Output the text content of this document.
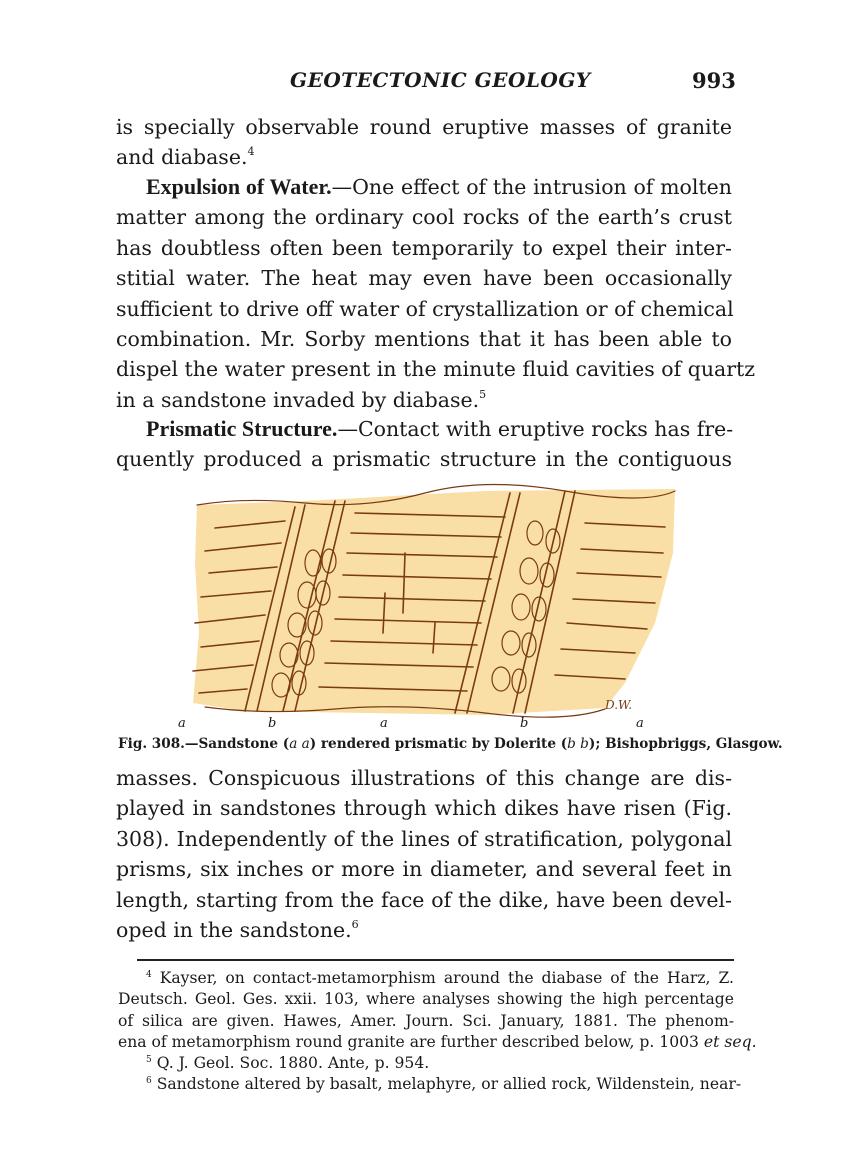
GEOTECTONIC GEOLOGY	993
is specially observable round eruptive masses of granite
and diabase.$^4$
Expulsion of Water.—One effect of the intrusion of molten
matter among the ordinary cool rocks of the earth’s crust
has doubtless often been temporarily to expel their inter-
stitial water. The heat may even have been occasionally
sufficient to drive off water of crystallization or of chemical
combination. Mr. Sorby mentions that it has been able to
dispel the water present in the minute fluid cavities of quartz
in a sandstone invaded by diabase.$^5$
Prismatic Structure.—Contact with eruptive rocks has fre-
quently produced a prismatic structure in the contiguous
D.W.
a	b	a	b	a
Fig. 308.—Sandstone (a a) rendered prismatic by Dolerite (b b); Bishopbriggs, Glasgow.
masses. Conspicuous illustrations of this change are dis-
played in sandstones through which dikes have risen (Fig.
308). Independently of the lines of stratification, polygonal
prisms, six inches or more in diameter, and several feet in
length, starting from the face of the dike, have been devel-
oped in the sandstone.$^6$
$^4$ Kayser, on contact-metamorphism around the diabase of the Harz, Z.
Deutsch. Geol. Ges. xxii. 103, where analyses showing the high percentage
of silica are given. Hawes, Amer. Journ. Sci. January, 1881. The phenom-
ena of metamorphism round granite are further described below, p. 1003 et seq.
$^5$ Q. J. Geol. Soc. 1880. Ante, p. 954.
$^6$ Sandstone altered by basalt, melaphyre, or allied rock, Wildenstein, near-
